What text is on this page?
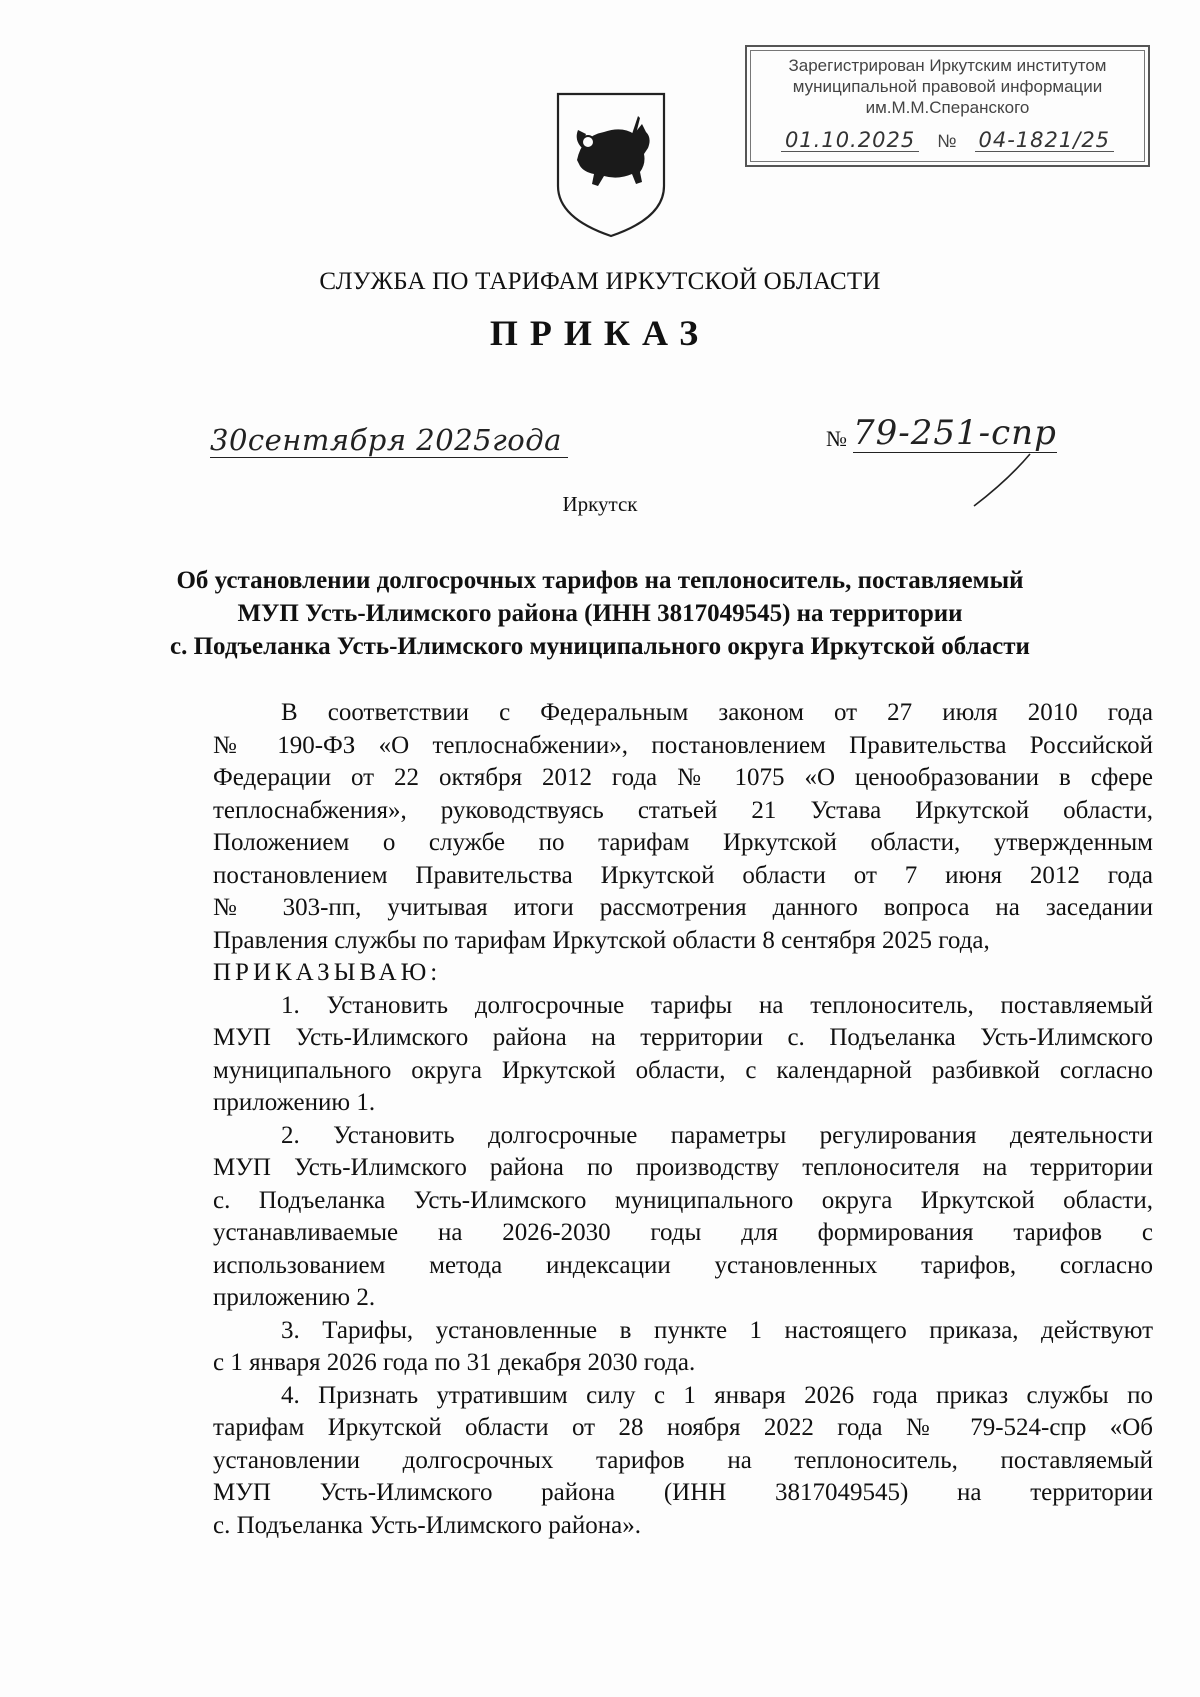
Зарегистрирован Иркутским институтом
муниципальной правовой информации
им.М.М.Сперанского
01.10.2025 № 04-1821/25
СЛУЖБА ПО ТАРИФАМ ИРКУТСКОЙ ОБЛАСТИ
ПРИКАЗ
30сентября 2025года	№ 79-251-спр
Иркутск
Об установлении долгосрочных тарифов на теплоноситель, поставляемый
МУП Усть-Илимского района (ИНН 3817049545) на территории
с. Подъеланка Усть-Илимского муниципального округа Иркутской области
В соответствии с Федеральным законом от 27 июля 2010 года
№ 190-ФЗ «О теплоснабжении», постановлением Правительства Российской
Федерации от 22 октября 2012 года № 1075 «О ценообразовании в сфере
теплоснабжения», руководствуясь статьей 21 Устава Иркутской области,
Положением о службе по тарифам Иркутской области, утвержденным
постановлением Правительства Иркутской области от 7 июня 2012 года
№ 303-пп, учитывая итоги рассмотрения данного вопроса на заседании
Правления службы по тарифам Иркутской области 8 сентября 2025 года,
ПРИКАЗЫВАЮ:
1. Установить долгосрочные тарифы на теплоноситель, поставляемый
МУП Усть-Илимского района на территории с. Подъеланка Усть-Илимского
муниципального округа Иркутской области, с календарной разбивкой согласно
приложению 1.
2. Установить долгосрочные параметры регулирования деятельности
МУП Усть-Илимского района по производству теплоносителя на территории
с. Подъеланка Усть-Илимского муниципального округа Иркутской области,
устанавливаемые на 2026-2030 годы для формирования тарифов с
использованием метода индексации установленных тарифов, согласно
приложению 2.
3. Тарифы, установленные в пункте 1 настоящего приказа, действуют
с 1 января 2026 года по 31 декабря 2030 года.
4. Признать утратившим силу с 1 января 2026 года приказ службы по
тарифам Иркутской области от 28 ноября 2022 года № 79-524-спр «Об
установлении долгосрочных тарифов на теплоноситель, поставляемый
МУП Усть-Илимского района (ИНН 3817049545) на территории
с. Подъеланка Усть-Илимского района».
